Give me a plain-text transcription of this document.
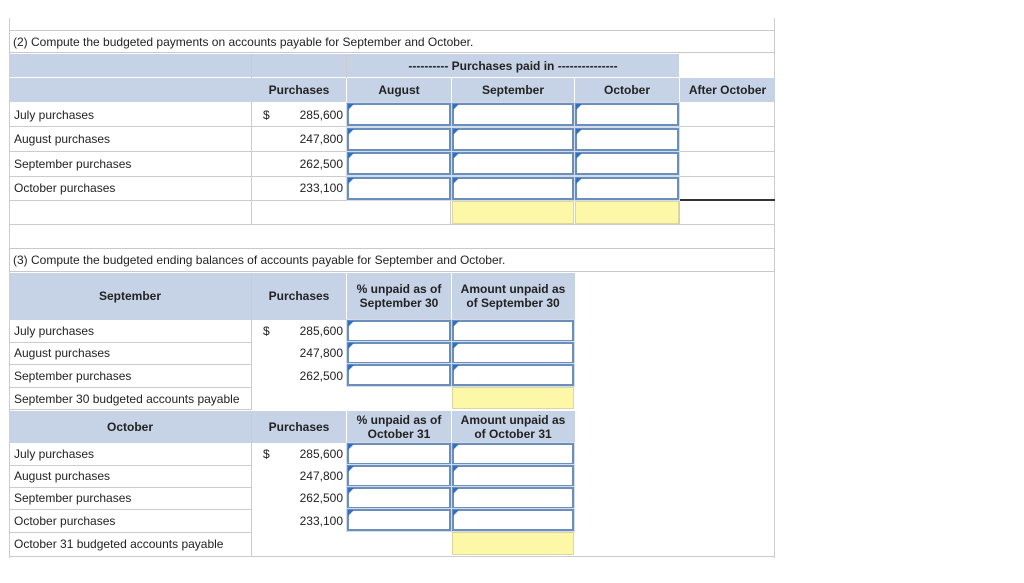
(2) Compute the budgeted payments on accounts payable for September and October.
---------- Purchases paid in ---------------
Purchases	August	September	October	After October
July purchases	$	285,600
August purchases	247,800
September purchases	262,500
October purchases	233,100
(3) Compute the budgeted ending balances of accounts payable for September and October.
September	Purchases	% unpaid as of
September 30
Amount unpaid as
of September 30
July purchases	$	285,600
August purchases	247,800
September purchases	262,500
September 30 budgeted accounts payable
October	Purchases	% unpaid as of
October 31
Amount unpaid as
of October 31
July purchases	$	285,600
August purchases	247,800
September purchases	262,500
October purchases	233,100
October 31 budgeted accounts payable
